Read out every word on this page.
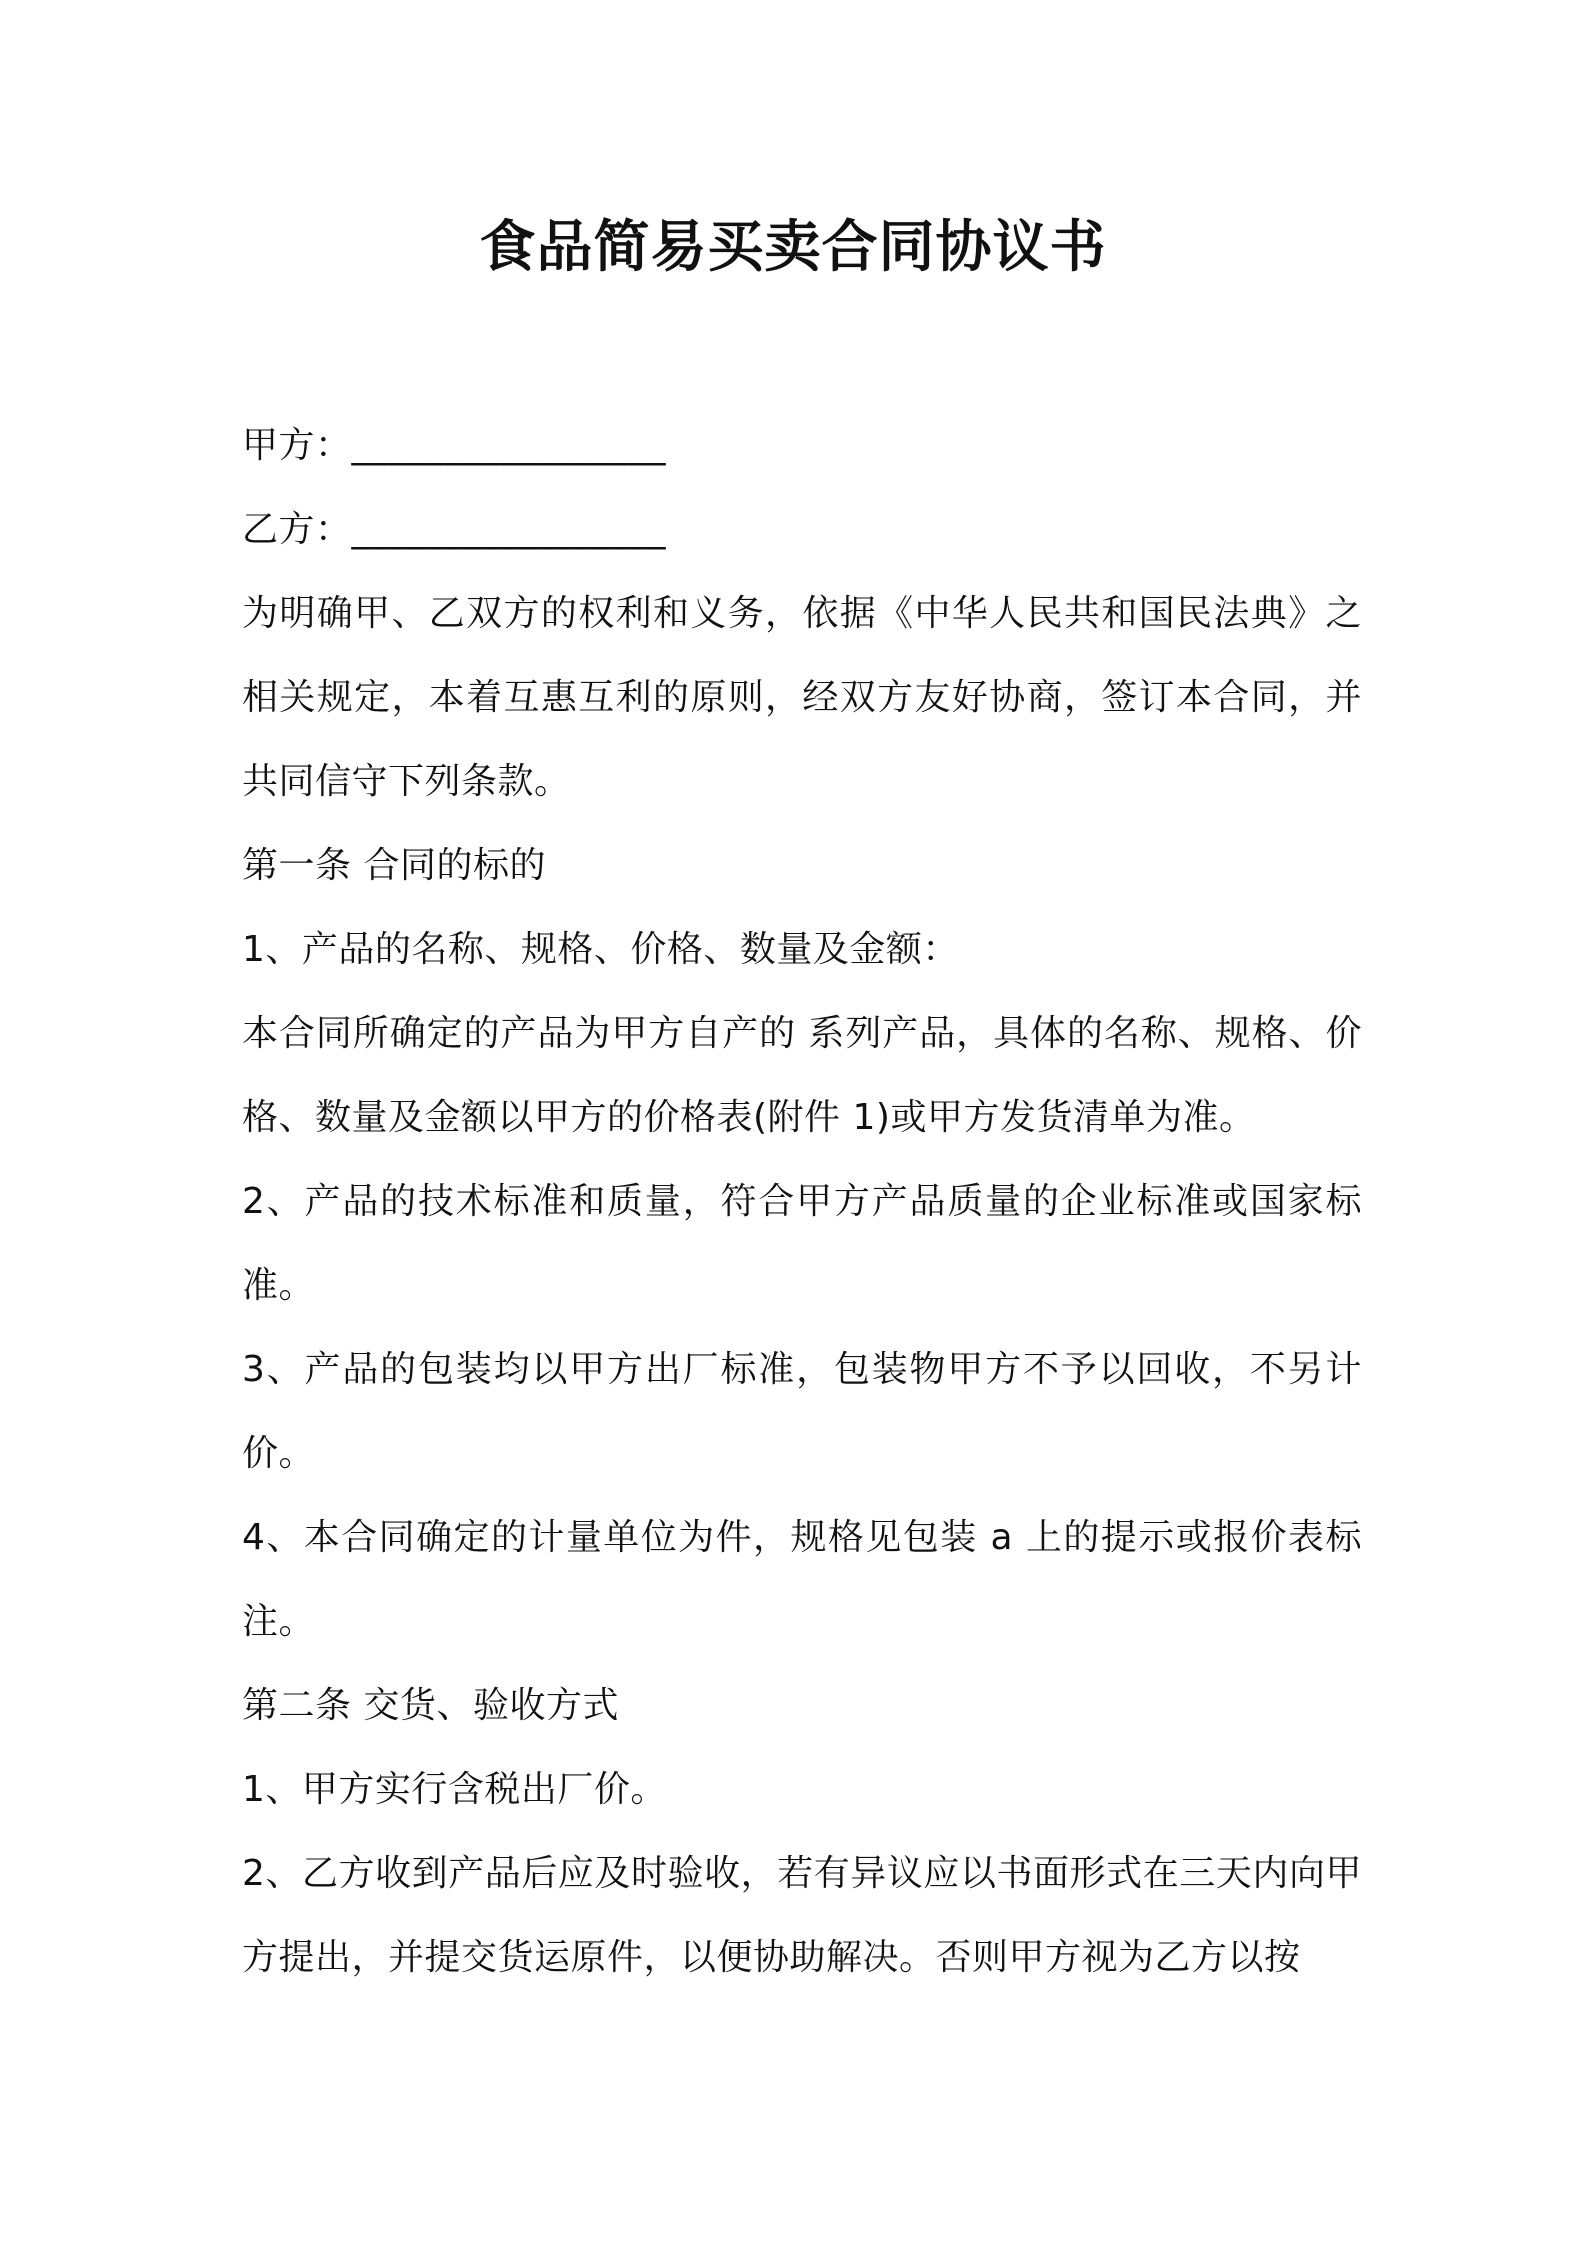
食品简易买卖合同协议书
甲方：_________________
乙方：_________________

为明确甲、乙双方的权利和义务，依据《中华人民共和国民法典》之相关规定，本着互惠互利的原则，经双方友好协商，签订本合同，并共同信守下列条款。

第一条 合同的标的
1、产品的名称、规格、价格、数量及金额：

本合同所确定的产品为甲方自产的 系列产品，具体的名称、规格、价格、数量及金额以甲方的价格表(附件 1)或甲方发货清单为准。

2、产品的技术标准和质量，符合甲方产品质量的企业标准或国家标准。

3、产品的包装均以甲方出厂标准，包装物甲方不予以回收，不另计价。

4、本合同确定的计量单位为件，规格见包装 a 上的提示或报价表标注。

第二条 交货、验收方式
1、甲方实行含税出厂价。

2、乙方收到产品后应及时验收，若有异议应以书面形式在三天内向甲方提出，并提交货运原件，以便协助解决。否则甲方视为乙方以按
